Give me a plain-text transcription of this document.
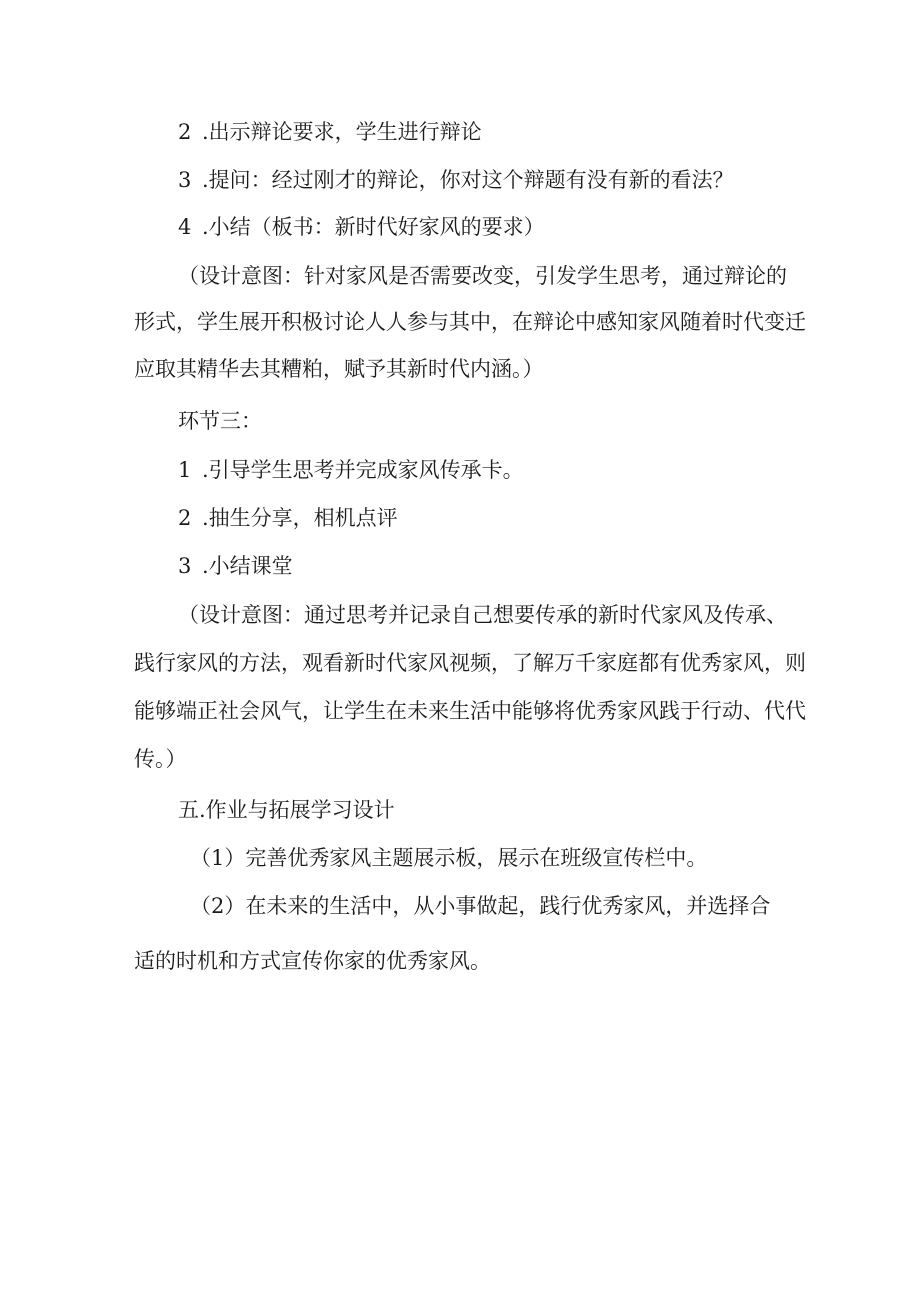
2 .出示辩论要求，学生进行辩论

3 .提问：经过刚才的辩论，你对这个辩题有没有新的看法？

4 .小结（板书：新时代好家风的要求）

（设计意图：针对家风是否需要改变，引发学生思考，通过辩论的

形式，学生展开积极讨论人人参与其中，在辩论中感知家风随着时代变迁

应取其精华去其糟粕，赋予其新时代内涵。）

环节三：

1 .引导学生思考并完成家风传承卡。

2 .抽生分享，相机点评

3 .小结课堂

（设计意图：通过思考并记录自己想要传承的新时代家风及传承、

践行家风的方法，观看新时代家风视频，了解万千家庭都有优秀家风，则

能够端正社会风气，让学生在未来生活中能够将优秀家风践于行动、代代

传。）

五.作业与拓展学习设计

（1）完善优秀家风主题展示板，展示在班级宣传栏中。

（2）在未来的生活中，从小事做起，践行优秀家风，并选择合

适的时机和方式宣传你家的优秀家风。
